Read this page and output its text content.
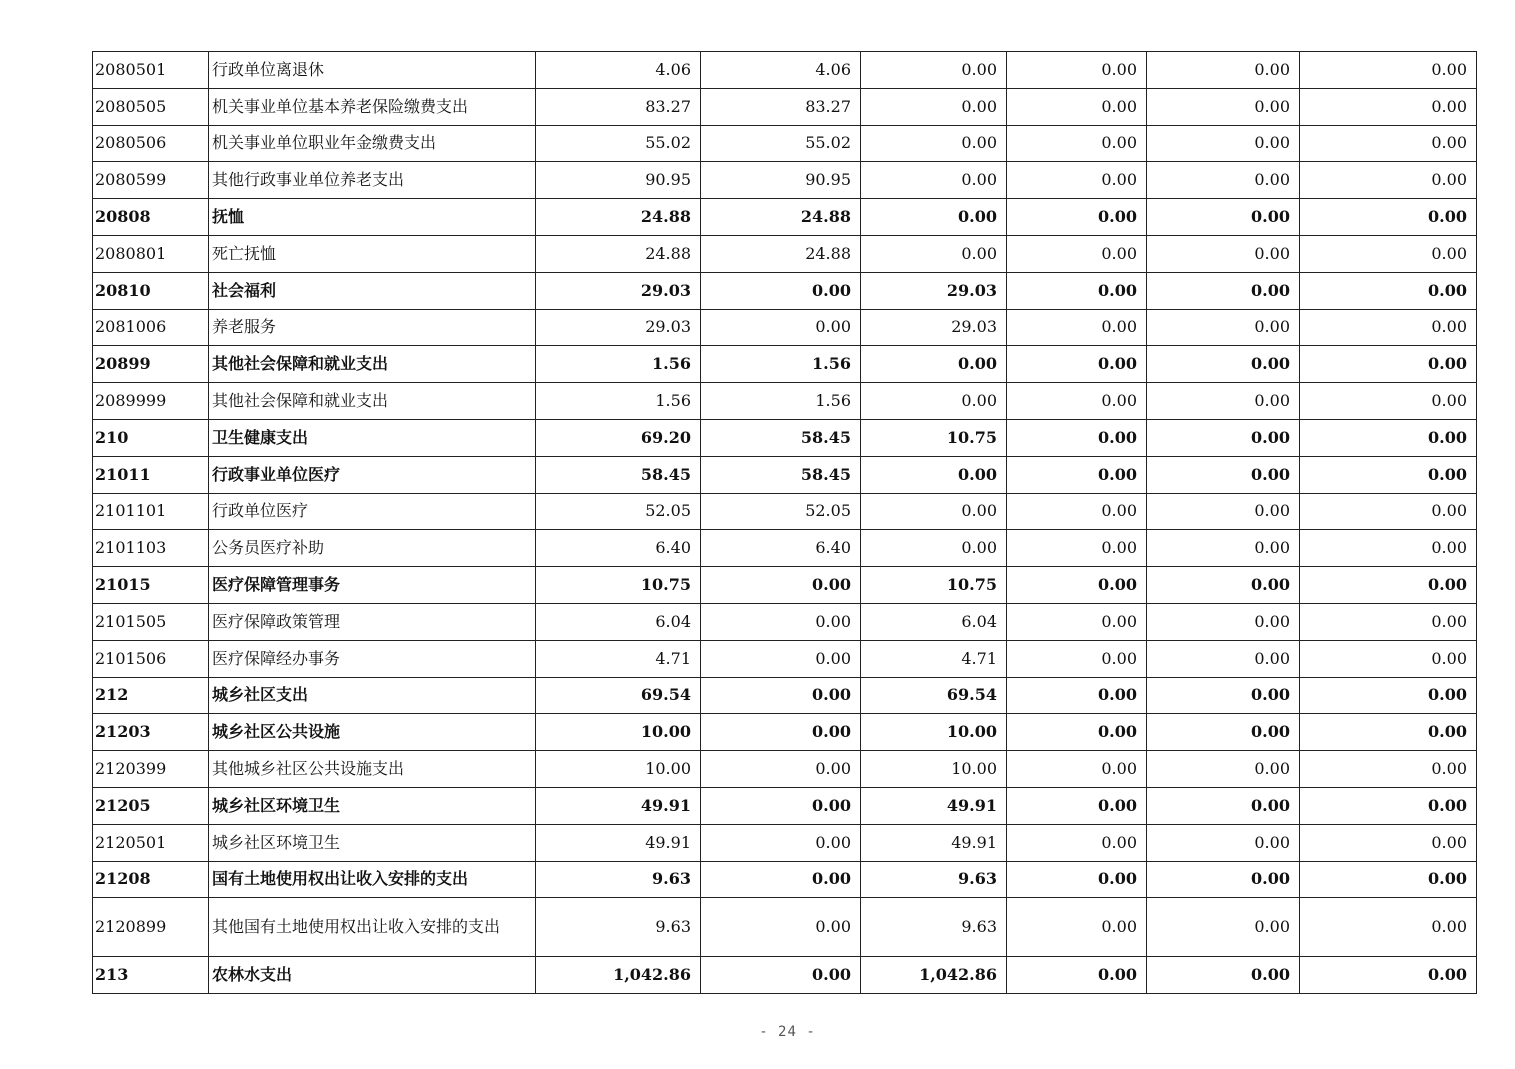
2080501	行政单位离退休	4.06	4.06	0.00	0.00	0.00	0.00
2080505	机关事业单位基本养老保险缴费支出	83.27	83.27	0.00	0.00	0.00	0.00
2080506	机关事业单位职业年金缴费支出	55.02	55.02	0.00	0.00	0.00	0.00
2080599	其他行政事业单位养老支出	90.95	90.95	0.00	0.00	0.00	0.00
20808	抚恤	24.88	24.88	0.00	0.00	0.00	0.00
2080801	死亡抚恤	24.88	24.88	0.00	0.00	0.00	0.00
20810	社会福利	29.03	0.00	29.03	0.00	0.00	0.00
2081006	养老服务	29.03	0.00	29.03	0.00	0.00	0.00
20899	其他社会保障和就业支出	1.56	1.56	0.00	0.00	0.00	0.00
2089999	其他社会保障和就业支出	1.56	1.56	0.00	0.00	0.00	0.00
210	卫生健康支出	69.20	58.45	10.75	0.00	0.00	0.00
21011	行政事业单位医疗	58.45	58.45	0.00	0.00	0.00	0.00
2101101	行政单位医疗	52.05	52.05	0.00	0.00	0.00	0.00
2101103	公务员医疗补助	6.40	6.40	0.00	0.00	0.00	0.00
21015	医疗保障管理事务	10.75	0.00	10.75	0.00	0.00	0.00
2101505	医疗保障政策管理	6.04	0.00	6.04	0.00	0.00	0.00
2101506	医疗保障经办事务	4.71	0.00	4.71	0.00	0.00	0.00
212	城乡社区支出	69.54	0.00	69.54	0.00	0.00	0.00
21203	城乡社区公共设施	10.00	0.00	10.00	0.00	0.00	0.00
2120399	其他城乡社区公共设施支出	10.00	0.00	10.00	0.00	0.00	0.00
21205	城乡社区环境卫生	49.91	0.00	49.91	0.00	0.00	0.00
2120501	城乡社区环境卫生	49.91	0.00	49.91	0.00	0.00	0.00
21208	国有土地使用权出让收入安排的支出	9.63	0.00	9.63	0.00	0.00	0.00
2120899	其他国有土地使用权出让收入安排的支出	9.63	0.00	9.63	0.00	0.00	0.00
213	农林水支出	1,042.86	0.00	1,042.86	0.00	0.00	0.00
- 24 -
